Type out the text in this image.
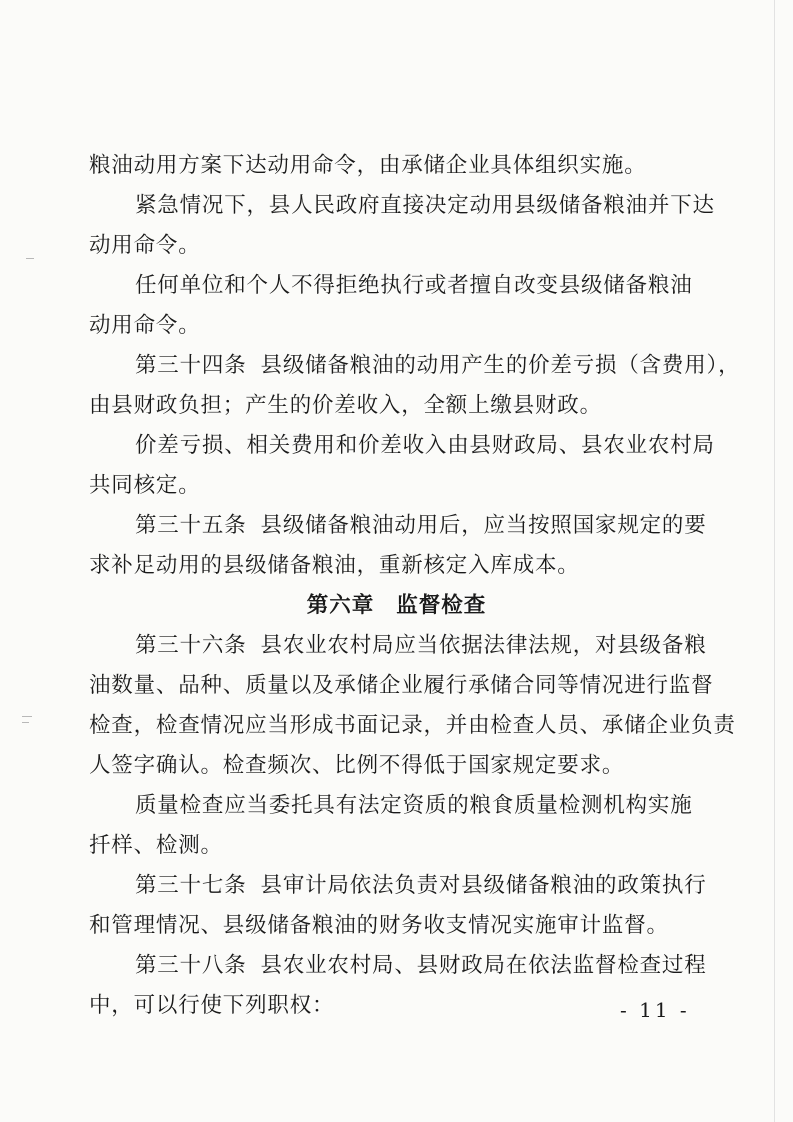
粮油动用方案下达动用命令，由承储企业具体组织实施。
紧急情况下，县人民政府直接决定动用县级储备粮油并下达
动用命令。
任何单位和个人不得拒绝执行或者擅自改变县级储备粮油
动用命令。
第三十四条 县级储备粮油的动用产生的价差亏损（含费用），
由县财政负担；产生的价差收入，全额上缴县财政。
价差亏损、相关费用和价差收入由县财政局、县农业农村局
共同核定。
第三十五条 县级储备粮油动用后，应当按照国家规定的要
求补足动用的县级储备粮油，重新核定入库成本。
第六章 监督检查
第三十六条 县农业农村局应当依据法律法规，对县级备粮
油数量、品种、质量以及承储企业履行承储合同等情况进行监督
检查，检查情况应当形成书面记录，并由检查人员、承储企业负责
人签字确认。检查频次、比例不得低于国家规定要求。
质量检查应当委托具有法定资质的粮食质量检测机构实施
扦样、检测。
第三十七条 县审计局依法负责对县级储备粮油的政策执行
和管理情况、县级储备粮油的财务收支情况实施审计监督。
第三十八条 县农业农村局、县财政局在依法监督检查过程
中，可以行使下列职权：	- 11 -
